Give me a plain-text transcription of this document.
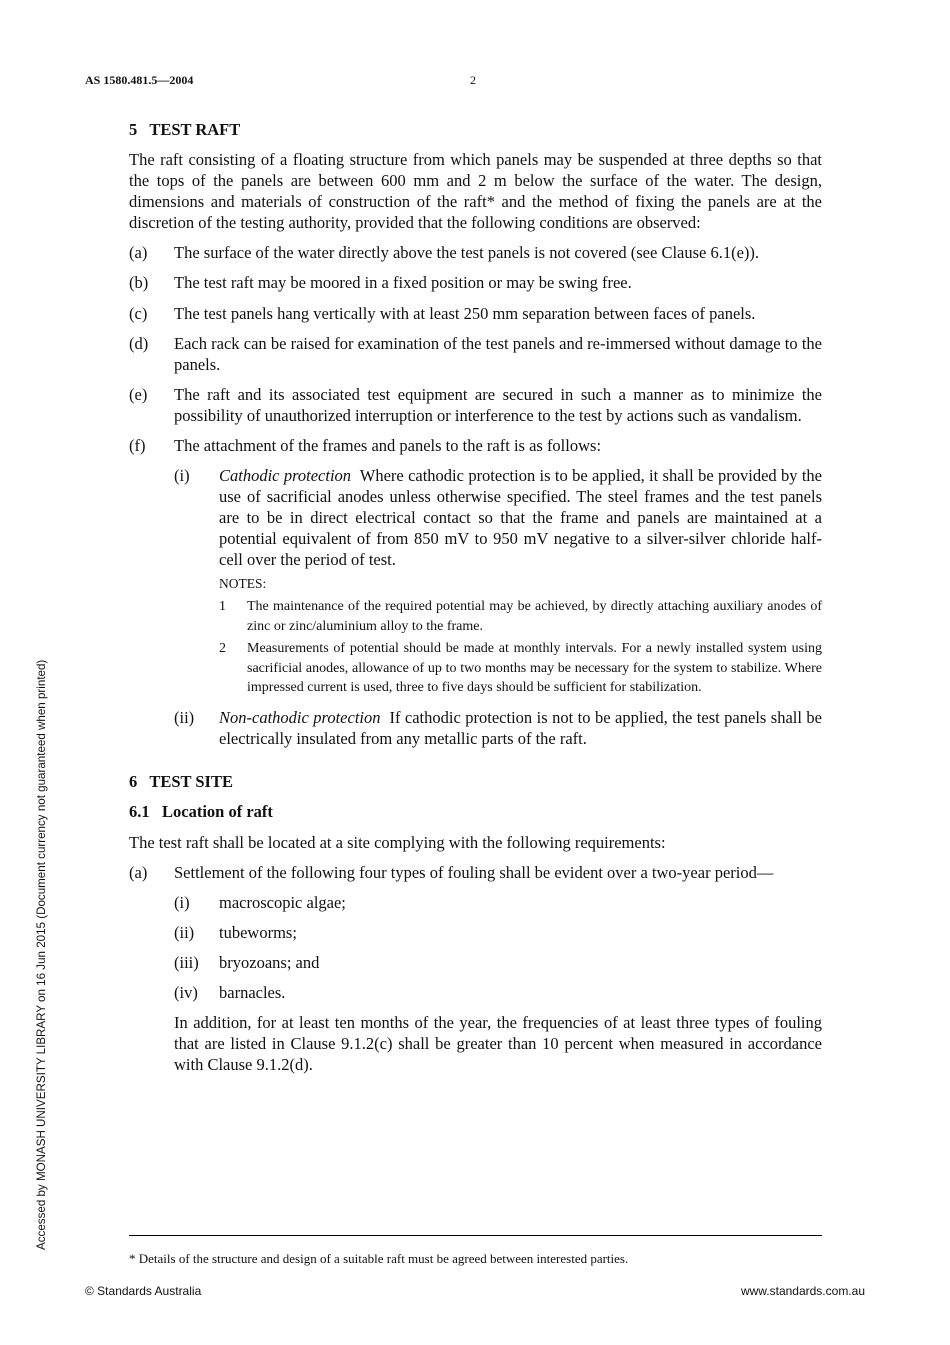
AS 1580.481.5—2004	2
Accessed by MONASH UNIVERSITY LIBRARY on 16 Jun 2015 (Document currency not guaranteed when printed)

5  TEST RAFT

The raft consisting of a floating structure from which panels may be suspended at three depths so that the tops of the panels are between 600 mm and 2 m below the surface of the water. The design, dimensions and materials of construction of the raft* and the method of fixing the panels are at the discretion of the testing authority, provided that the following conditions are observed:

(a)	The surface of the water directly above the test panels is not covered (see Clause 6.1(e)).
(b)	The test raft may be moored in a fixed position or may be swing free.
(c)	The test panels hang vertically with at least 250 mm separation between faces of panels.
(d)	Each rack can be raised for examination of the test panels and re-immersed without damage to the panels.
(e)	The raft and its associated test equipment are secured in such a manner as to minimize the possibility of unauthorized interruption or interference to the test by actions such as vandalism.
(f)	The attachment of the frames and panels to the raft is as follows:
(i)	Cathodic protection Where cathodic protection is to be applied, it shall be provided by the use of sacrificial anodes unless otherwise specified. The steel frames and the test panels are to be in direct electrical contact so that the frame and panels are maintained at a potential equivalent of from 850 mV to 950 mV negative to a silver-silver chloride half-cell over the period of test.
NOTES:
1	The maintenance of the required potential may be achieved, by directly attaching auxiliary anodes of zinc or zinc/aluminium alloy to the frame.
2	Measurements of potential should be made at monthly intervals. For a newly installed system using sacrificial anodes, allowance of up to two months may be necessary for the system to stabilize. Where impressed current is used, three to five days should be sufficient for stabilization.
(ii)	Non-cathodic protection If cathodic protection is not to be applied, the test panels shall be electrically insulated from any metallic parts of the raft.

6  TEST SITE

6.1  Location of raft

The test raft shall be located at a site complying with the following requirements:

(a)	Settlement of the following four types of fouling shall be evident over a two-year period—
(i)	macroscopic algae;
(ii)	tubeworms;
(iii)	bryozoans; and
(iv)	barnacles.

In addition, for at least ten months of the year, the frequencies of at least three types of fouling that are listed in Clause 9.1.2(c) shall be greater than 10 percent when measured in accordance with Clause 9.1.2(d).

* Details of the structure and design of a suitable raft must be agreed between interested parties.
© Standards Australia	www.standards.com.au
